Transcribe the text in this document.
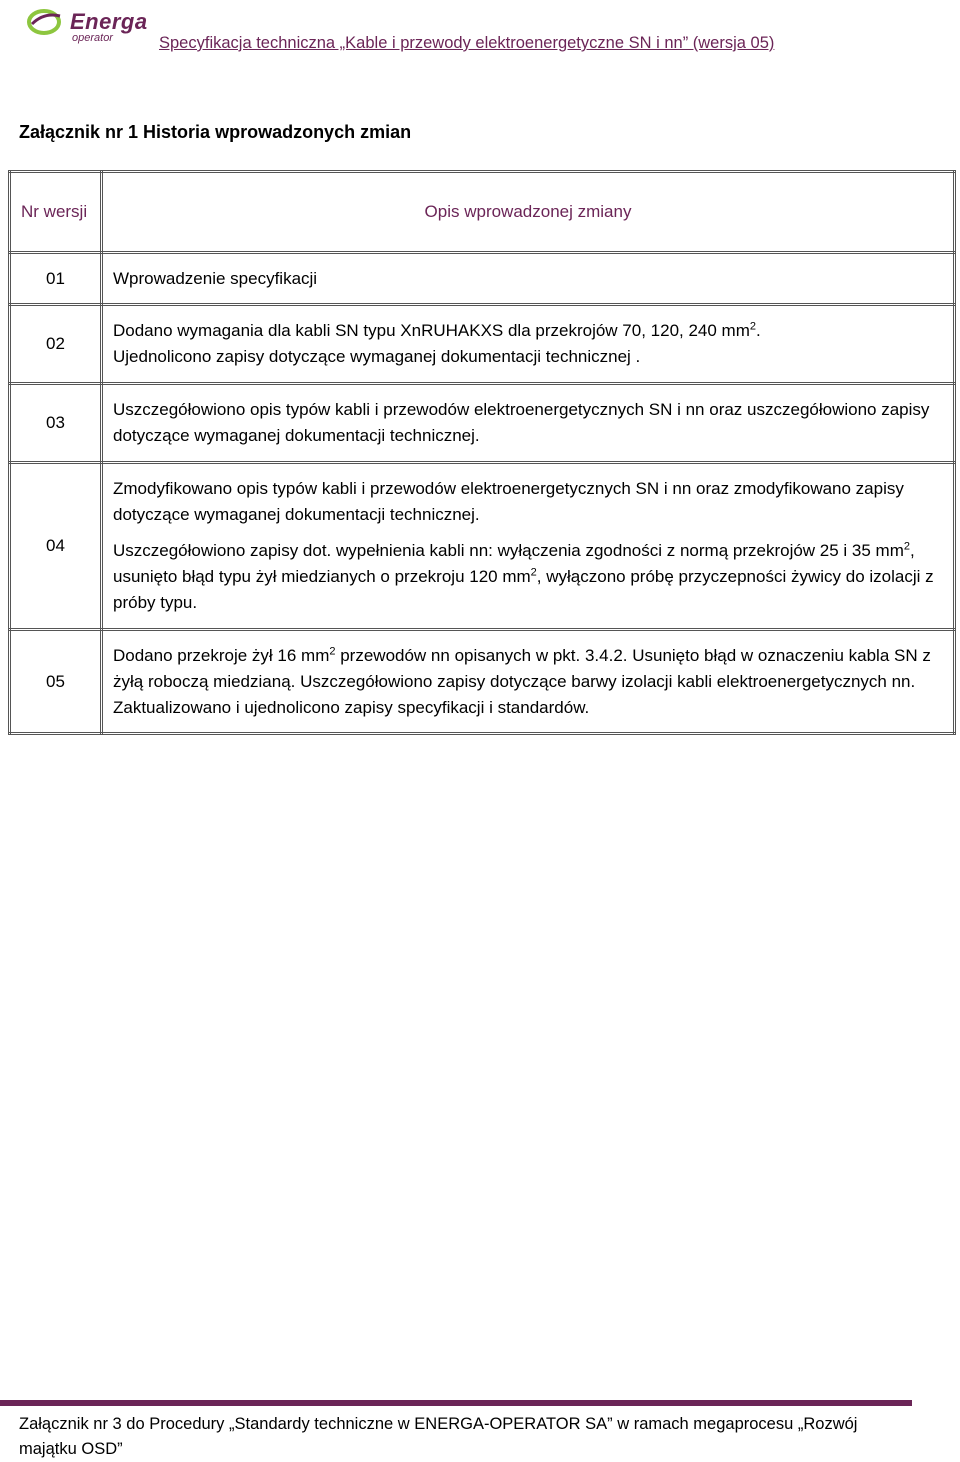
Energa
operator	Specyfikacja techniczna „Kable i przewody elektroenergetyczne SN i nn” (wersja 05)
Załącznik nr 1 Historia wprowadzonych zmian
Nr wersji	Opis wprowadzonej zmiany
01	Wprowadzenie specyfikacji
02	Dodano wymagania dla kabli SN typu XnRUHAKXS dla przekrojów 70, 120, 240 $mm^2$.
Ujednolicono zapisy dotyczące wymaganej dokumentacji technicznej .
03	Uszczegółowiono opis typów kabli i przewodów elektroenergetycznych SN i nn oraz uszczegółowiono zapisy dotyczące wymaganej dokumentacji technicznej.
04	Zmodyfikowano opis typów kabli i przewodów elektroenergetycznych SN i nn oraz zmodyfikowano zapisy dotyczące wymaganej dokumentacji technicznej.
Uszczegółowiono zapisy dot. wypełnienia kabli nn: wyłączenia zgodności z normą przekrojów 25 i 35 $mm^2$, usunięto błąd typu żył miedzianych o przekroju 120 $mm^2$, wyłączono próbę przyczepności żywicy do izolacji z próby typu.

05	Dodano przekroje żył 16 $mm^2$ przewodów nn opisanych w pkt. 3.4.2. Usunięto błąd w oznaczeniu kabla SN z żyłą roboczą miedzianą. Uszczegółowiono zapisy dotyczące barwy izolacji kabli elektroenergetycznych nn. Zaktualizowano i ujednolicono zapisy specyfikacji i standardów.
Załącznik nr 3 do Procedury „Standardy techniczne w ENERGA-OPERATOR SA” w ramach megaprocesu „Rozwój majątku OSD”
